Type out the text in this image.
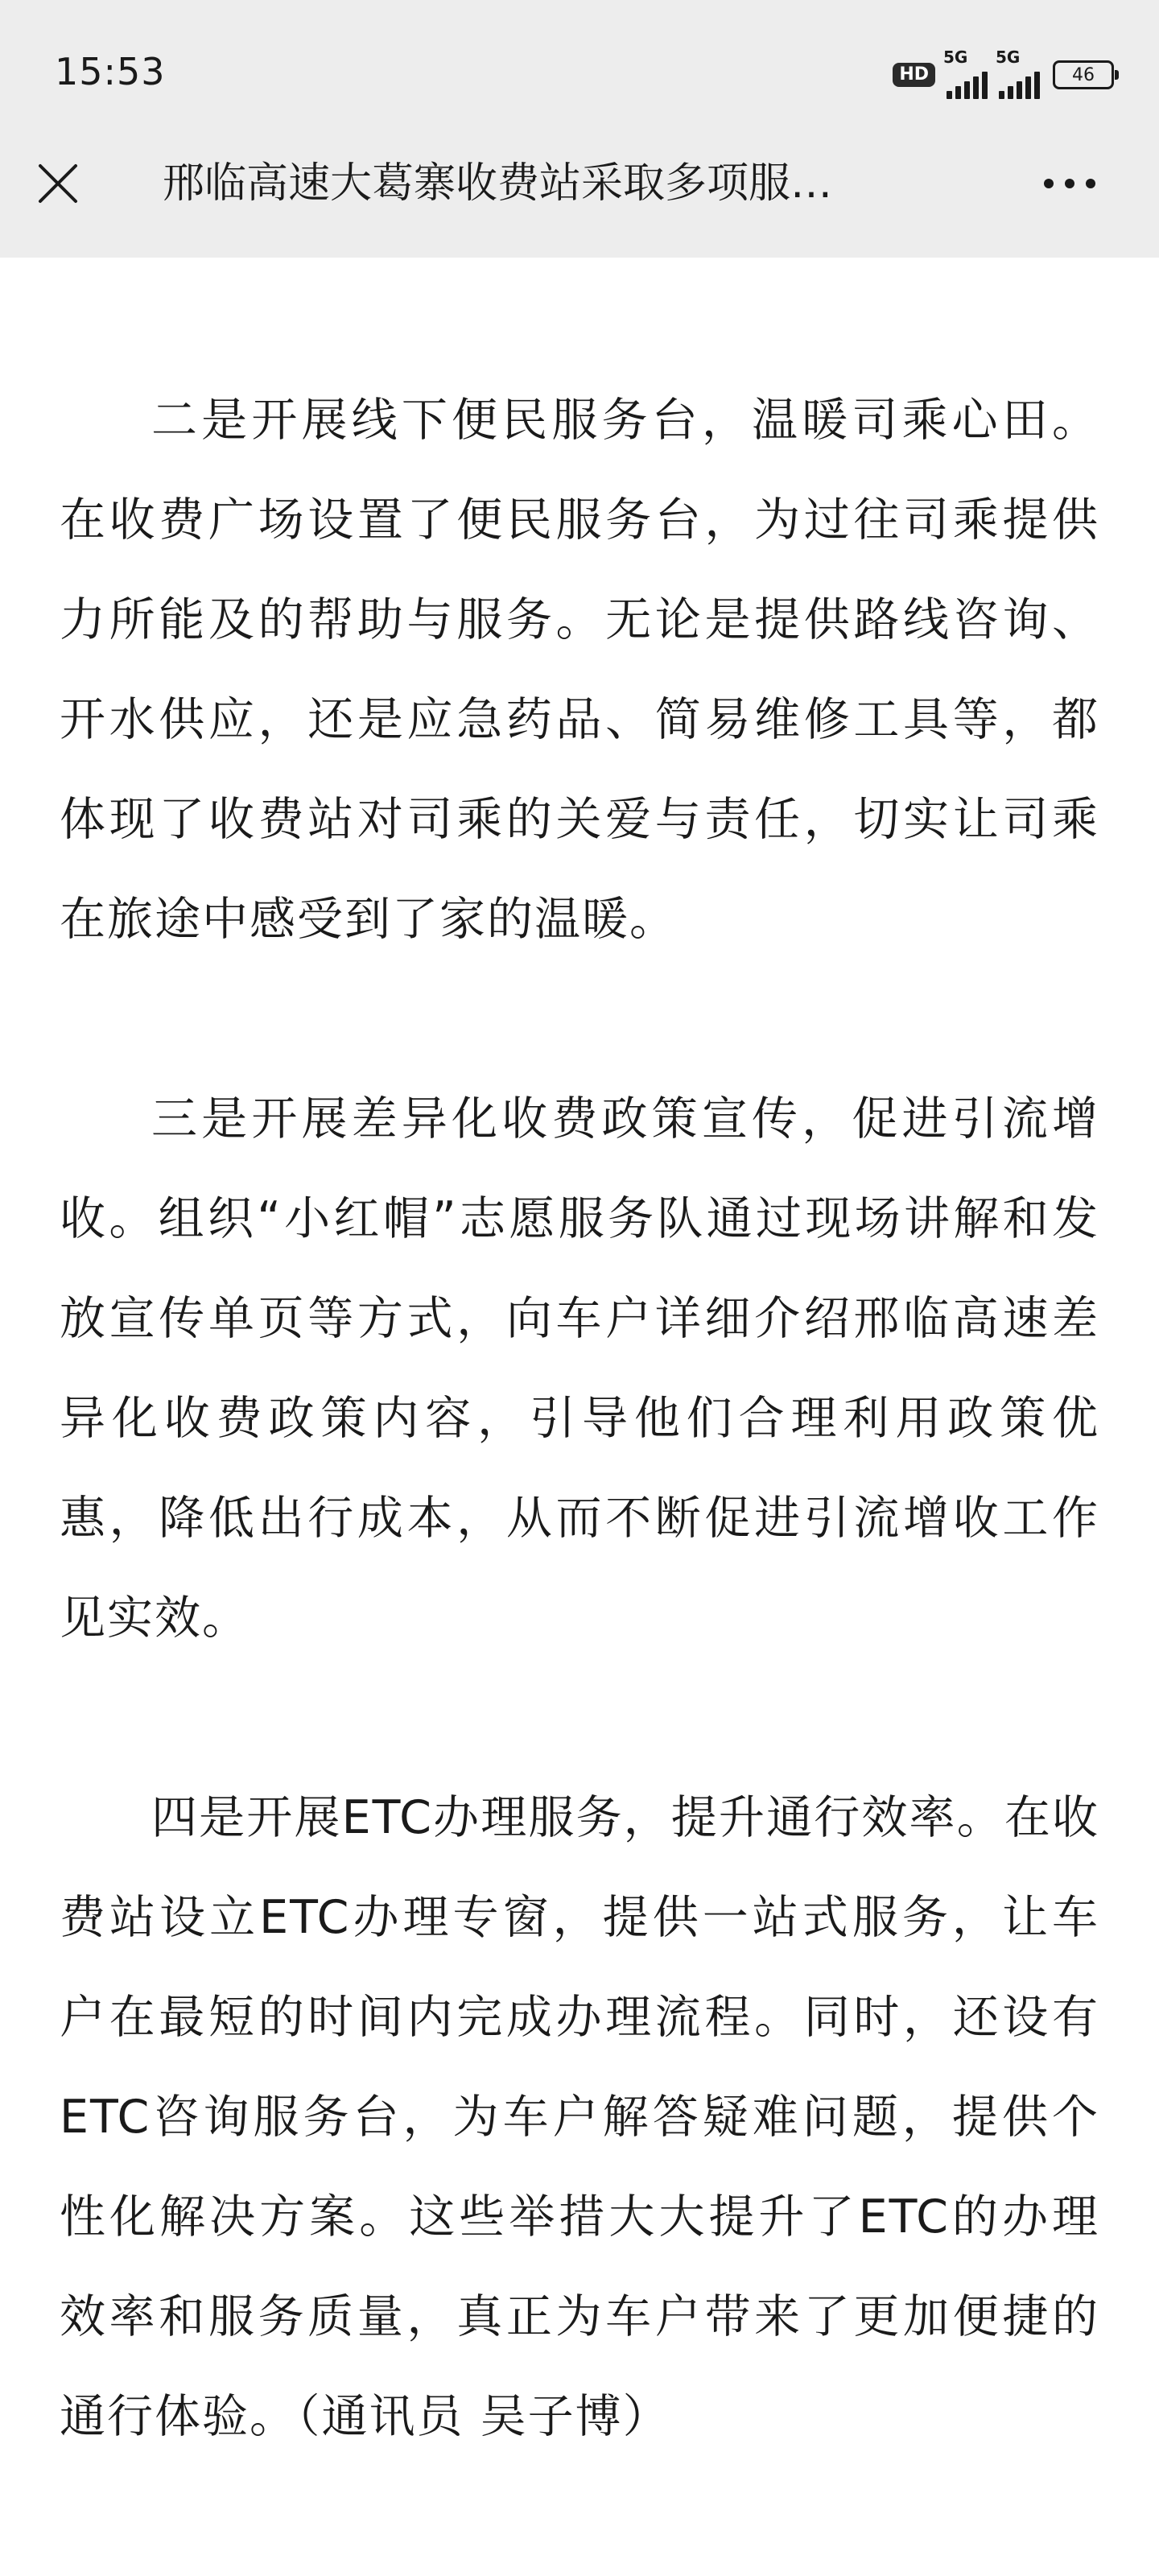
15:53	HD
5G 5G
46
邢临高速大葛寨收费站采取多项服…

二是开展线下便民服务台，温暖司乘心田。在收费广场设置了便民服务台，为过往司乘提供力所能及的帮助与服务。无论是提供路线咨询、开水供应，还是应急药品、简易维修工具等，都体现了收费站对司乘的关爱与责任，切实让司乘在旅途中感受到了家的温暖。

三是开展差异化收费政策宣传，促进引流增收。组织“小红帽”志愿服务队通过现场讲解和发放宣传单页等方式，向车户详细介绍邢临高速差异化收费政策内容，引导他们合理利用政策优惠，降低出行成本，从而不断促进引流增收工作见实效。

四是开展ETC办理服务，提升通行效率。在收费站设立ETC办理专窗，提供一站式服务，让车户在最短的时间内完成办理流程。同时，还设有ETC咨询服务台，为车户解答疑难问题，提供个性化解决方案。这些举措大大提升了ETC的办理效率和服务质量，真正为车户带来了更加便捷的通行体验。（通讯员 吴子博）
